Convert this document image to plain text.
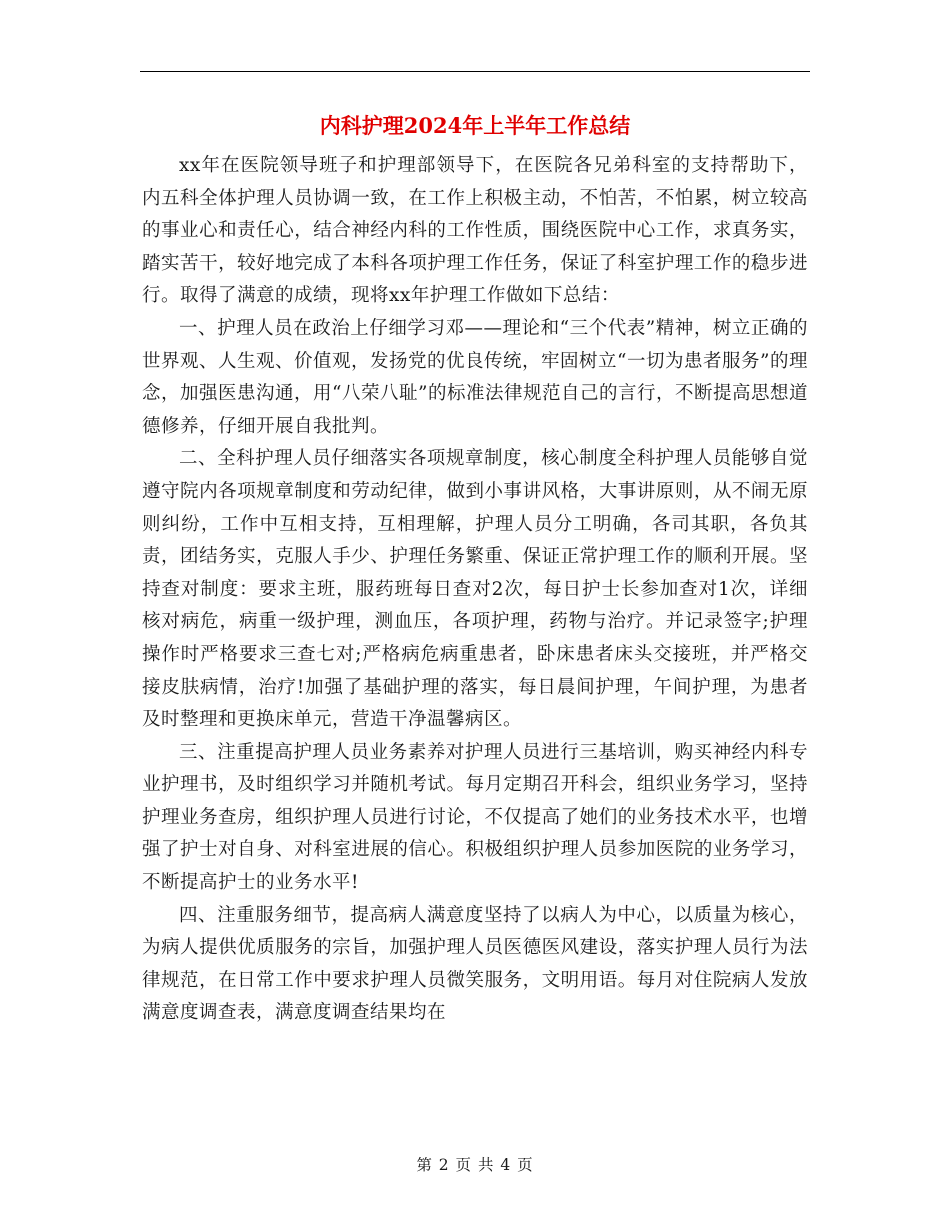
内科护理2024年上半年工作总结

xx年在医院领导班子和护理部领导下，在医院各兄弟科室的支持帮助下，内五科全体护理人员协调一致，在工作上积极主动，不怕苦，不怕累，树立较高的事业心和责任心，结合神经内科的工作性质，围绕医院中心工作，求真务实，踏实苦干，较好地完成了本科各项护理工作任务，保证了科室护理工作的稳步进行。取得了满意的成绩，现将xx年护理工作做如下总结：

一、护理人员在政治上仔细学习邓——理论和“三个代表”精神，树立正确的世界观、人生观、价值观，发扬党的优良传统，牢固树立“一切为患者服务”的理念，加强医患沟通，用“八荣八耻”的标准法律规范自己的言行，不断提高思想道德修养，仔细开展自我批判。

二、全科护理人员仔细落实各项规章制度，核心制度全科护理人员能够自觉遵守院内各项规章制度和劳动纪律，做到小事讲风格，大事讲原则，从不闹无原则纠纷，工作中互相支持，互相理解，护理人员分工明确，各司其职，各负其责，团结务实，克服人手少、护理任务繁重、保证正常护理工作的顺利开展。坚持查对制度：要求主班，服药班每日查对2次，每日护士长参加查对1次，详细核对病危，病重一级护理，测血压，各项护理，药物与治疗。并记录签字;护理操作时严格要求三查七对;严格病危病重患者，卧床患者床头交接班，并严格交接皮肤病情，治疗!加强了基础护理的落实，每日晨间护理，午间护理，为患者及时整理和更换床单元，营造干净温馨病区。

三、注重提高护理人员业务素养对护理人员进行三基培训，购买神经内科专业护理书，及时组织学习并随机考试。每月定期召开科会，组织业务学习，坚持护理业务查房，组织护理人员进行讨论，不仅提高了她们的业务技术水平，也增强了护士对自身、对科室进展的信心。积极组织护理人员参加医院的业务学习，不断提高护士的业务水平!

四、注重服务细节，提高病人满意度坚持了以病人为中心，以质量为核心，为病人提供优质服务的宗旨，加强护理人员医德医风建设，落实护理人员行为法律规范，在日常工作中要求护理人员微笑服务，文明用语。每月对住院病人发放满意度调查表，满意度调查结果均在

第 2 页 共 4 页
